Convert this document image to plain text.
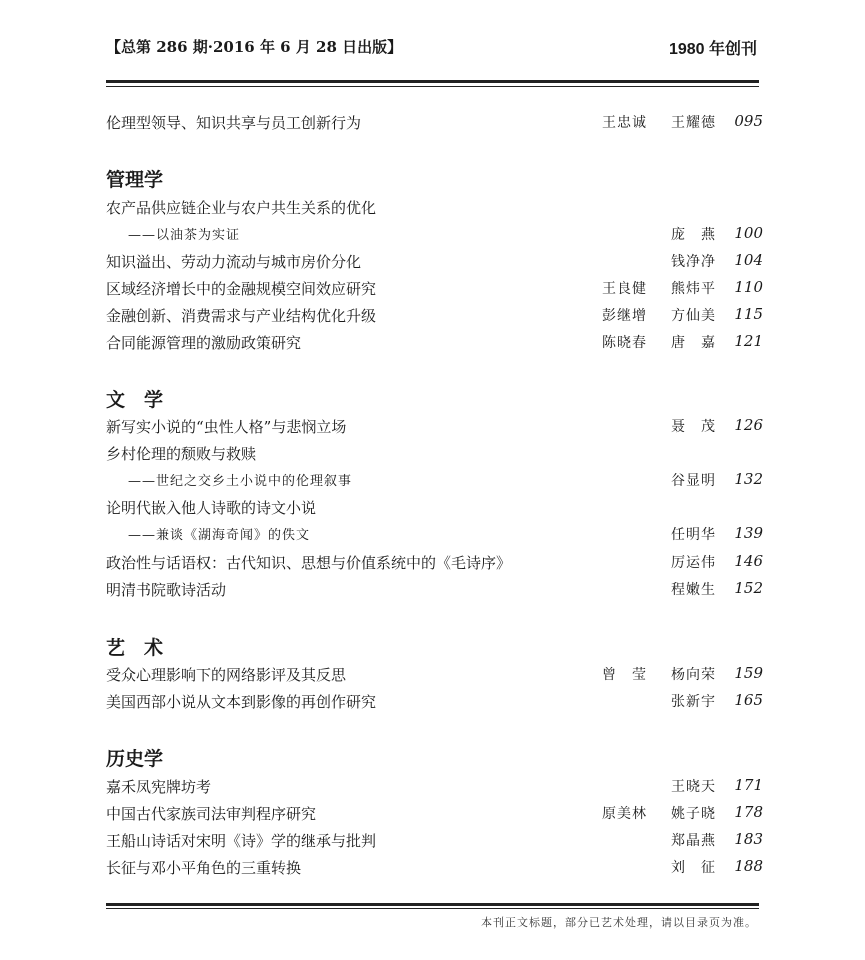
【总第 286 期·2016 年 6 月 28 日出版】	1980 年创刊
伦理型领导、知识共享与员工创新行为	王忠诚 王耀德 095
管理学
农产品供应链企业与农户共生关系的优化
——以油茶为实证	庞　燕 100
知识溢出、劳动力流动与城市房价分化	钱净净 104
区域经济增长中的金融规模空间效应研究	王良健 熊炜平 110
金融创新、消费需求与产业结构优化升级	彭继增 方仙美 115
合同能源管理的激励政策研究	陈晓春 唐　嘉 121
文　学
新写实小说的“虫性人格”与悲悯立场	聂　茂 126
乡村伦理的颓败与救赎
——世纪之交乡土小说中的伦理叙事	谷显明 132
论明代嵌入他人诗歌的诗文小说
——兼谈《湖海奇闻》的佚文	任明华 139
政治性与话语权：古代知识、思想与价值系统中的《毛诗序》	厉运伟 146
明清书院歌诗活动	程嫩生 152
艺　术
受众心理影响下的网络影评及其反思	曾　莹 杨向荣 159
美国西部小说从文本到影像的再创作研究	张新宇 165
历史学
嘉禾凤宪牌坊考	王晓天 171
中国古代家族司法审判程序研究	原美林 姚子晓 178
王船山诗话对宋明《诗》学的继承与批判	郑晶燕 183
长征与邓小平角色的三重转换	刘　征 188
本刊正文标题，部分已艺术处理，请以目录页为准。
